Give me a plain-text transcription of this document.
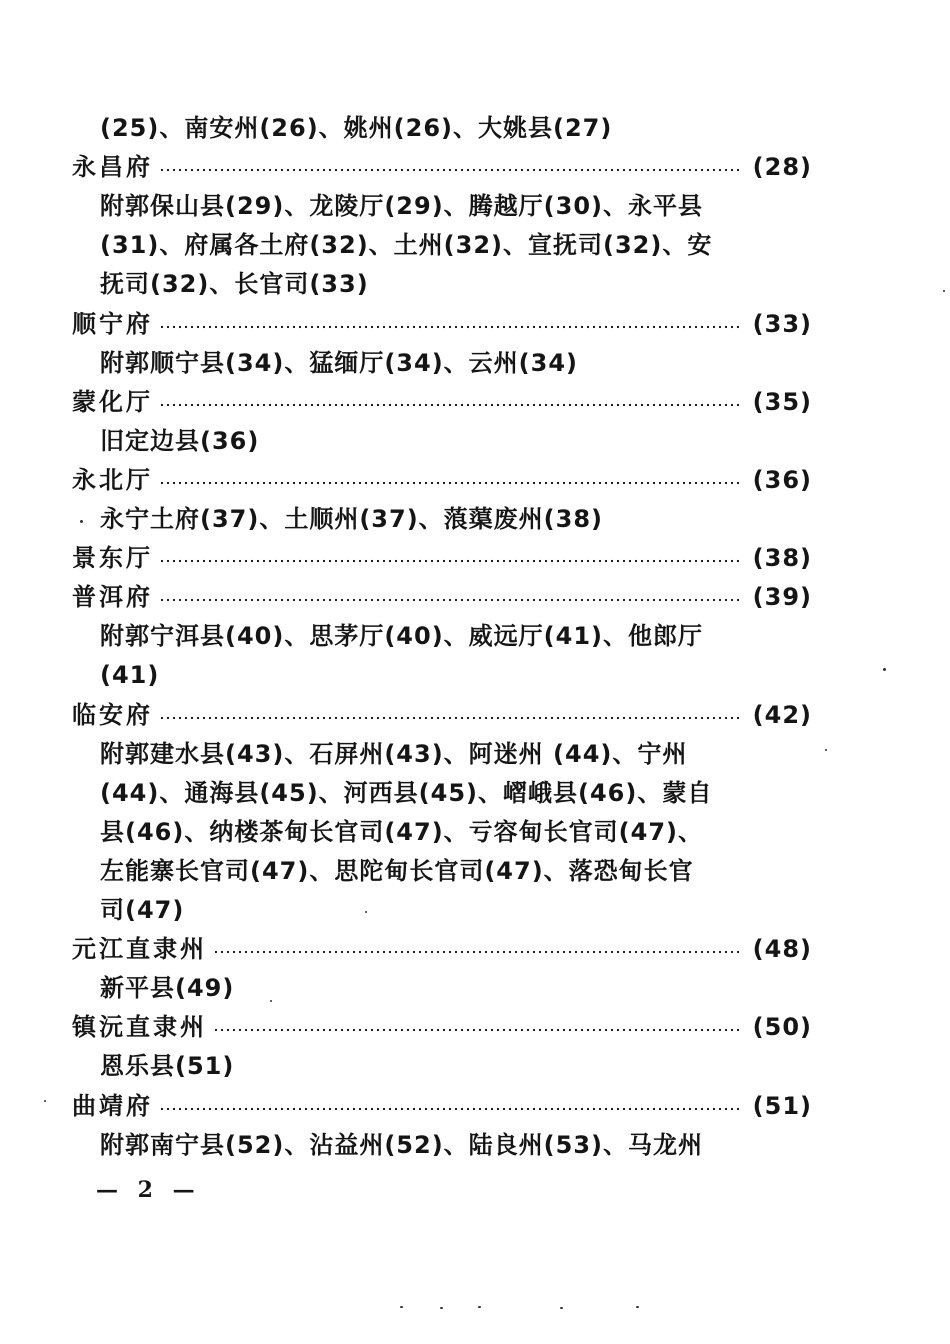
(25)、南安州(26)、姚州(26)、大姚县(27)
永昌府	(28)
附郭保山县(29)、龙陵厅(29)、腾越厅(30)、永平县
(31)、府属各土府(32)、土州(32)、宣抚司(32)、安
抚司(32)、长官司(33)
顺宁府	(33)
附郭顺宁县(34)、猛缅厅(34)、云州(34)
蒙化厅	(35)
旧定边县(36)
永北厅	(36)
永宁土府(37)、土顺州(37)、蒗蕖废州(38)
景东厅	(38)
普洱府	(39)
附郭宁洱县(40)、思茅厅(40)、威远厅(41)、他郎厅
(41)
临安府	(42)
附郭建水县(43)、石屏州(43)、阿迷州 (44)、宁州
(44)、通海县(45)、河西县(45)、嶍峨县(46)、蒙自
县(46)、纳楼茶甸长官司(47)、亏容甸长官司(47)、
左能寨长官司(47)、思陀甸长官司(47)、落恐甸长官
司(47)
元江直隶州	(48)
新平县(49)
镇沅直隶州	(50)
恩乐县(51)
曲靖府	(51)
附郭南宁县(52)、沾益州(52)、陆良州(53)、马龙州
— 2 —
